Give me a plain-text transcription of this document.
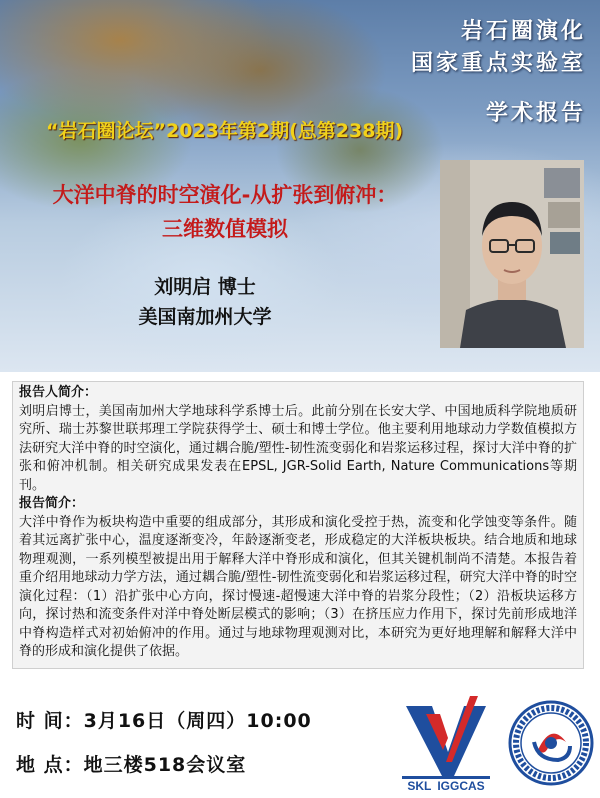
岩石圈演化
国家重点实验室
学术报告
“岩石圈论坛”2023年第2期(总第238期)
大洋中脊的时空演化-从扩张到俯冲：
三维数值模拟
刘明启 博士
美国南加州大学

报告人简介：

刘明启博士，美国南加州大学地球科学系博士后。此前分别在长安大学、中国地质科学院地质研究所、瑞士苏黎世联邦理工学院获得学士、硕士和博士学位。他主要利用地球动力学数值模拟方法研究大洋中脊的时空演化，通过耦合脆/塑性-韧性流变弱化和岩浆运移过程，探讨大洋中脊的扩张和俯冲机制。相关研究成果发表在EPSL, JGR-Solid Earth, Nature Communications等期刊。

报告简介：

大洋中脊作为板块构造中重要的组成部分，其形成和演化受控于热，流变和化学蚀变等条件。随着其远离扩张中心，温度逐渐变冷，年龄逐渐变老，形成稳定的大洋板块板块。结合地质和地球物理观测，一系列模型被提出用于解释大洋中脊形成和演化，但其关键机制尚不清楚。本报告着重介绍用地球动力学方法，通过耦合脆/塑性-韧性流变弱化和岩浆运移过程，研究大洋中脊的时空演化过程：（1）沿扩张中心方向，探讨慢速-超慢速大洋中脊的岩浆分段性；（2）沿板块运移方向，探讨热和流变条件对洋中脊处断层模式的影响；（3）在挤压应力作用下，探讨先前形成地洋中脊构造样式对初始俯冲的作用。通过与地球物理观测对比，本研究为更好地理解和解释大洋中脊的形成和演化提供了依据。

时 间：3月16日（周四）10:00
地 点：地三楼518会议室
SKL IGGCAS
